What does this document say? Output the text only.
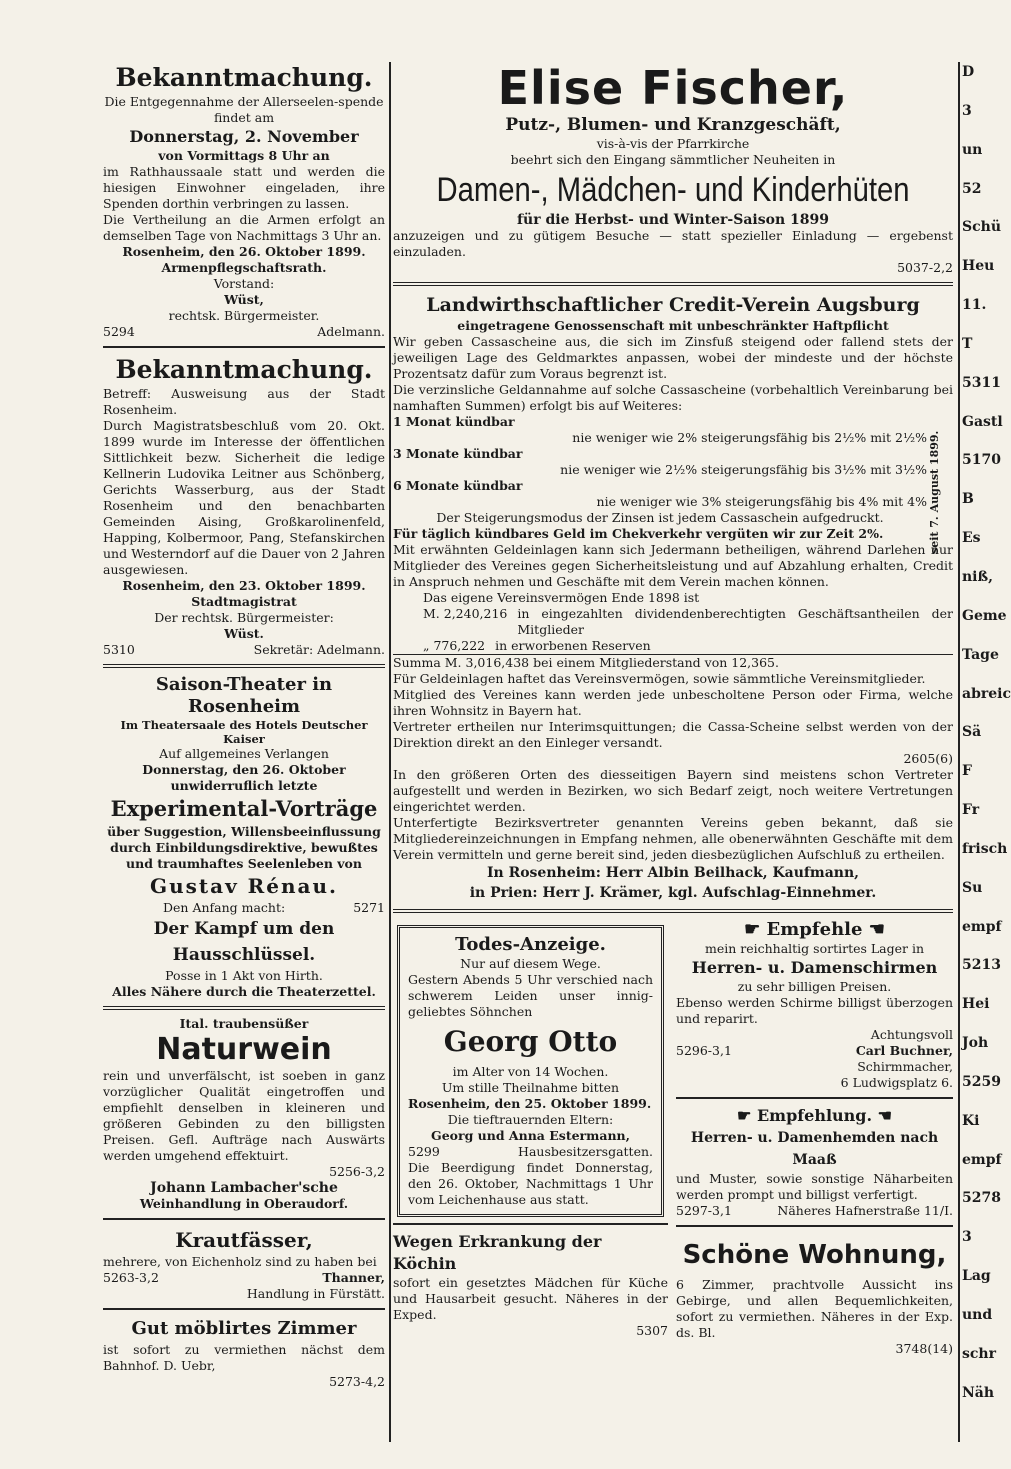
Bekanntmachung.

Die Entgegennahme der Allerseelen-spende findet am

Donnerstag, 2. November

von Vormittags 8 Uhr an

im Rathhaussaale statt und werden die hiesigen Einwohner eingeladen, ihre Spenden dorthin verbringen zu lassen.

Die Vertheilung an die Armen erfolgt an demselben Tage von Nachmittags 3 Uhr an.

Rosenheim, den 26. Oktober 1899.

Armenpflegschaftsrath.

Vorstand:

Wüst,

rechtsk. Bürgermeister.

5294	Adelmann.

Bekanntmachung.

Betreff: Ausweisung aus der Stadt Rosenheim.

Durch Magistratsbeschluß vom 20. Okt. 1899 wurde im Interesse der öffentlichen Sittlichkeit bezw. Sicherheit die ledige Kellnerin Ludovika Leitner aus Schönberg, Gerichts Wasserburg, aus der Stadt Rosenheim und den benachbarten Gemeinden Aising, Großkarolinenfeld, Happing, Kolbermoor, Pang, Stefanskirchen und Westerndorf auf die Dauer von 2 Jahren ausgewiesen.

Rosenheim, den 23. Oktober 1899.

Stadtmagistrat

Der rechtsk. Bürgermeister:

Wüst.

5310	Sekretär: Adelmann.

Saison-Theater in Rosenheim

Im Theatersaale des Hotels Deutscher Kaiser

Auf allgemeines Verlangen

Donnerstag, den 26. Oktober

unwiderruflich letzte

Experimental-Vorträge

über Suggestion, Willensbeeinflussung durch Einbildungsdirektive, bewußtes und traumhaftes Seelenleben von

Gustav Rénau.

Den Anfang macht:	5271

Der Kampf um den Hausschlüssel.

Posse in 1 Akt von Hirth.

Alles Nähere durch die Theaterzettel.

Ital. traubensüßer

Naturwein

rein und unverfälscht, ist soeben in ganz vorzüglicher Qualität eingetroffen und empfiehlt denselben in kleineren und größeren Gebinden zu den billigsten Preisen. Gefl. Aufträge nach Auswärts werden umgehend effektuirt.

5256-3,2

Johann Lambacher'sche

Weinhandlung in Oberaudorf.

Krautfässer,

mehrere, von Eichenholz sind zu haben bei

5263-3,2	Thanner,

Handlung in Fürstätt.

Gut möblirtes Zimmer

ist sofort zu vermiethen nächst dem Bahnhof. D. Uebr,

5273-4,2

Elise Fischer,

Putz-, Blumen- und Kranzgeschäft,

vis-à-vis der Pfarrkirche

beehrt sich den Eingang sämmtlicher Neuheiten in

Damen-, Mädchen- und Kinderhüten

für die Herbst- und Winter-Saison 1899

anzuzeigen und zu gütigem Besuche — statt spezieller Einladung — ergebenst einzuladen.

5037-2,2

Landwirthschaftlicher Credit-Verein Augsburg

eingetragene Genossenschaft mit unbeschränkter Haftpflicht

Wir geben Cassascheine aus, die sich im Zinsfuß steigend oder fallend stets der jeweiligen Lage des Geldmarktes anpassen, wobei der mindeste und der höchste Prozentsatz dafür zum Voraus begrenzt ist.

Die verzinsliche Geldannahme auf solche Cassascheine (vorbehaltlich Vereinbarung bei namhaften Summen) erfolgt bis auf Weiteres:

1 Monat kündbar

nie weniger wie 2% steigerungsfähig bis 2½% mit 2½%

3 Monate kündbar

nie weniger wie 2½% steigerungsfähig bis 3½% mit 3½%

6 Monate kündbar

nie weniger wie 3% steigerungsfähig bis 4% mit 4%

Der Steigerungsmodus der Zinsen ist jedem Cassaschein aufgedruckt.	seit 7. August 1899.

Für täglich kündbares Geld im Chekverkehr vergüten wir zur Zeit 2%.

Mit erwähnten Geldeinlagen kann sich Jedermann betheiligen, während Darlehen nur Mitglieder des Vereines gegen Sicherheitsleistung und auf Abzahlung erhalten, Credit in Anspruch nehmen und Geschäfte mit dem Verein machen können.

Das eigene Vereinsvermögen Ende 1898 ist

M. 2,240,216 in eingezahlten dividendenberechtigten Geschäftsantheilen der Mitglieder
„ 776,222 in erworbenen Reserven

Summa M. 3,016,438 bei einem Mitgliederstand von 12,365.

Für Geldeinlagen haftet das Vereinsvermögen, sowie sämmtliche Vereinsmitglieder.

Mitglied des Vereines kann werden jede unbescholtene Person oder Firma, welche ihren Wohnsitz in Bayern hat.

Vertreter ertheilen nur Interimsquittungen; die Cassa-Scheine selbst werden von der Direktion direkt an den Einleger versandt.

2605(6)

In den größeren Orten des diesseitigen Bayern sind meistens schon Vertreter aufgestellt und werden in Bezirken, wo sich Bedarf zeigt, noch weitere Vertretungen eingerichtet werden.

Unterfertigte Bezirksvertreter genannten Vereins geben bekannt, daß sie Mitgliedereinzeichnungen in Empfang nehmen, alle obenerwähnten Geschäfte mit dem Verein vermitteln und gerne bereit sind, jeden diesbezüglichen Aufschluß zu ertheilen.

In Rosenheim: Herr Albin Beilhack, Kaufmann,

in Prien: Herr J. Krämer, kgl. Aufschlag-Einnehmer.

Todes-Anzeige.

Nur auf diesem Wege.

Gestern Abends 5 Uhr verschied nach schwerem Leiden unser innig-geliebtes Söhnchen

Georg Otto

im Alter von 14 Wochen.

Um stille Theilnahme bitten

Rosenheim, den 25. Oktober 1899.

Die tieftrauernden Eltern:

Georg und Anna Estermann,

5299	Hausbesitzersgatten.

Die Beerdigung findet Donnerstag, den 26. Oktober, Nachmittags 1 Uhr vom Leichenhause aus statt.

Wegen Erkrankung der Köchin

sofort ein gesetztes Mädchen für Küche und Hausarbeit gesucht. Näheres in der Exped.

5307

☛ Empfehle ☚

mein reichhaltig sortirtes Lager in

Herren- u. Damenschirmen

zu sehr billigen Preisen.

Ebenso werden Schirme billigst überzogen und reparirt.

Achtungsvoll

5296-3,1	Carl Buchner,

Schirmmacher,

6 Ludwigsplatz 6.

☛ Empfehlung. ☚

Herren- u. Damenhemden nach Maaß

und Muster, sowie sonstige Näharbeiten werden prompt und billigst verfertigt.

5297-3,1	Näheres Hafnerstraße 11/I.

Schöne Wohnung,

6 Zimmer, prachtvolle Aussicht ins Gebirge, und allen Bequemlichkeiten, sofort zu vermiethen. Näheres in der Exp. ds. Bl.

3748(14)

D
3
un
52
Schü
Heu
11.
T
5311
Gastl
5170
B
Es
niß,
Geme
Tage
abreic
Sä
F
Fr
frisch
Su
empf
5213
Hei
Joh
5259
Ki
empf
5278
3
Lag
und
schr
Näh
